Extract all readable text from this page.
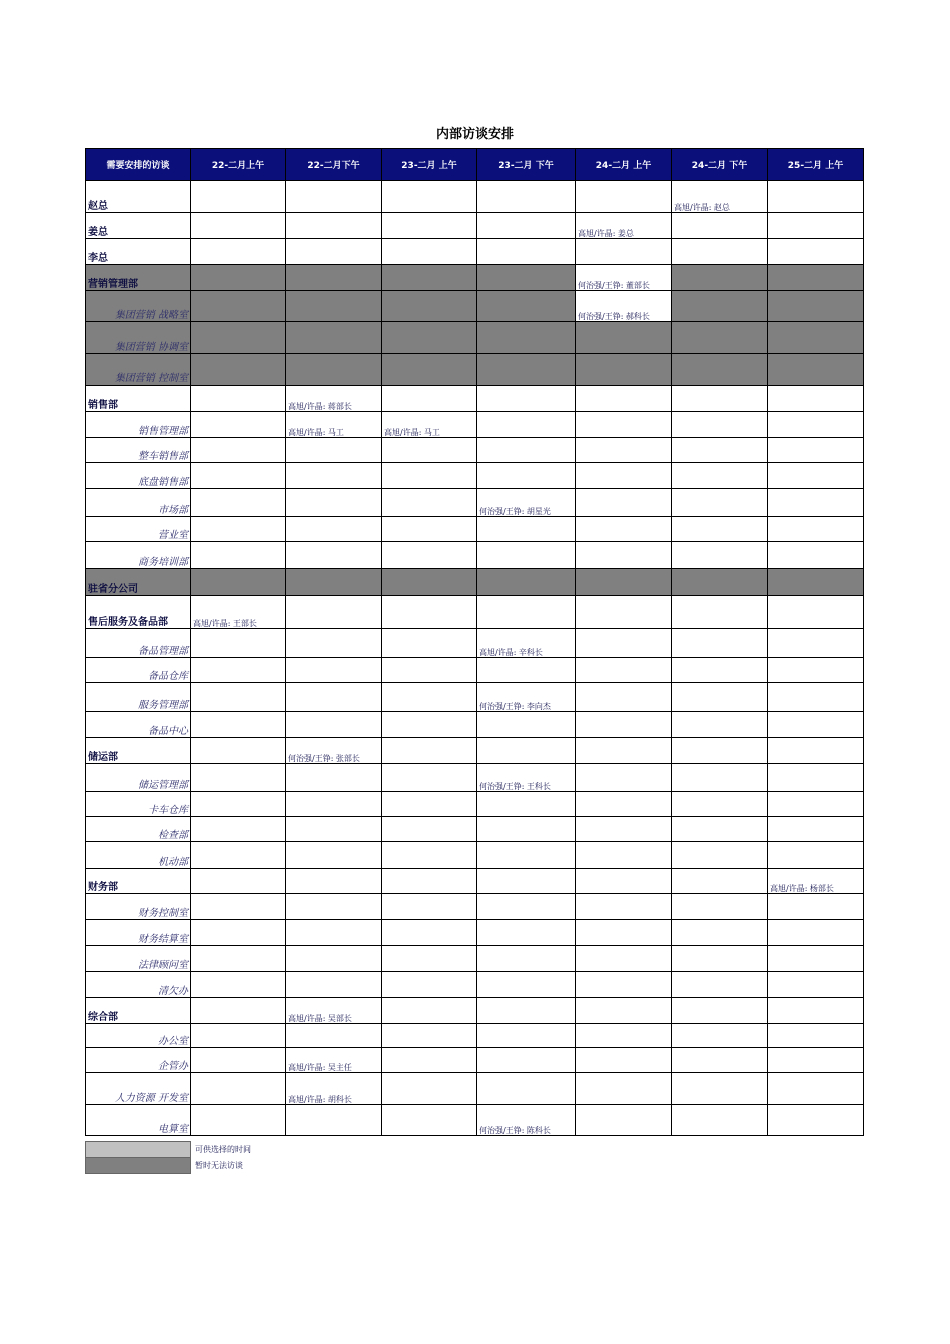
内部访谈安排
需要安排的访谈	22-二月上午	22-二月下午	23-二月 上午	23-二月 下午	24-二月 上午	24-二月 下午	25-二月 上午
赵总						高旭/许晶: 赵总	
姜总					高旭/许晶: 姜总		
李总							
营销管理部					何治强/王铮: 董部长		
集团营销 战略室					何治强/王铮: 郝科长		
集团营销 协调室							
集团营销 控制室							
销售部		高旭/许晶: 蒋部长					
销售管理部		高旭/许晶: 马工	高旭/许晶: 马工				
整车销售部							
底盘销售部							
市场部				何治强/王铮: 胡星光			
营业室							
商务培训部							
驻省分公司							
售后服务及备品部	高旭/许晶: 王部长						
备品管理部				高旭/许晶: 辛科长			
备品仓库							
服务管理部				何治强/王铮: 李向杰			
备品中心							
储运部		何治强/王铮: 张部长					
储运管理部				何治强/王铮: 王科长			
卡车仓库							
检查部							
机动部							
财务部							高旭/许晶: 杨部长
财务控制室							
财务结算室							
法律顾问室							
清欠办							
综合部		高旭/许晶: 吴部长					
办公室							
企管办		高旭/许晶: 吴主任					
人力资源 开发室		高旭/许晶: 胡科长					
电算室				何治强/王铮: 陈科长			
可供选择的时间
暂时无法访谈
